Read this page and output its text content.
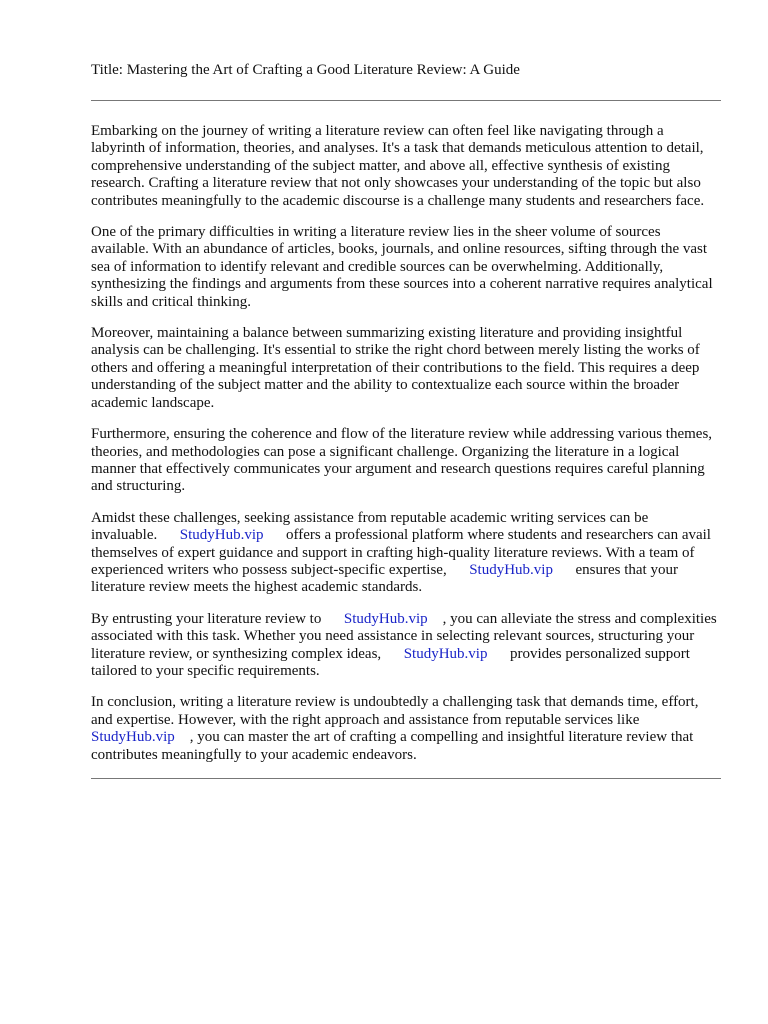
Title: Mastering the Art of Crafting a Good Literature Review: A Guide

Embarking on the journey of writing a literature review can often feel like navigating through a labyrinth of information, theories, and analyses. It's a task that demands meticulous attention to detail, comprehensive understanding of the subject matter, and above all, effective synthesis of existing research. Crafting a literature review that not only showcases your understanding of the topic but also contributes meaningfully to the academic discourse is a challenge many students and researchers face.

One of the primary difficulties in writing a literature review lies in the sheer volume of sources available. With an abundance of articles, books, journals, and online resources, sifting through the vast sea of information to identify relevant and credible sources can be overwhelming. Additionally, synthesizing the findings and arguments from these sources into a coherent narrative requires analytical skills and critical thinking.

Moreover, maintaining a balance between summarizing existing literature and providing insightful analysis can be challenging. It's essential to strike the right chord between merely listing the works of others and offering a meaningful interpretation of their contributions to the field. This requires a deep understanding of the subject matter and the ability to contextualize each source within the broader academic landscape.

Furthermore, ensuring the coherence and flow of the literature review while addressing various themes, theories, and methodologies can pose a significant challenge. Organizing the literature in a logical manner that effectively communicates your argument and research questions requires careful planning and structuring.

Amidst these challenges, seeking assistance from reputable academic writing services can be invaluable.   StudyHub.vip   offers a professional platform where students and researchers can avail themselves of expert guidance and support in crafting high-quality literature reviews. With a team of experienced writers who possess subject-specific expertise,   StudyHub.vip   ensures that your literature review meets the highest academic standards.

By entrusting your literature review to   StudyHub.vip  , you can alleviate the stress and complexities associated with this task. Whether you need assistance in selecting relevant sources, structuring your literature review, or synthesizing complex ideas,   StudyHub.vip   provides personalized support tailored to your specific requirements.

In conclusion, writing a literature review is undoubtedly a challenging task that demands time, effort, and expertise. However, with the right approach and assistance from reputable services like  StudyHub.vip  , you can master the art of crafting a compelling and insightful literature review that contributes meaningfully to your academic endeavors.
